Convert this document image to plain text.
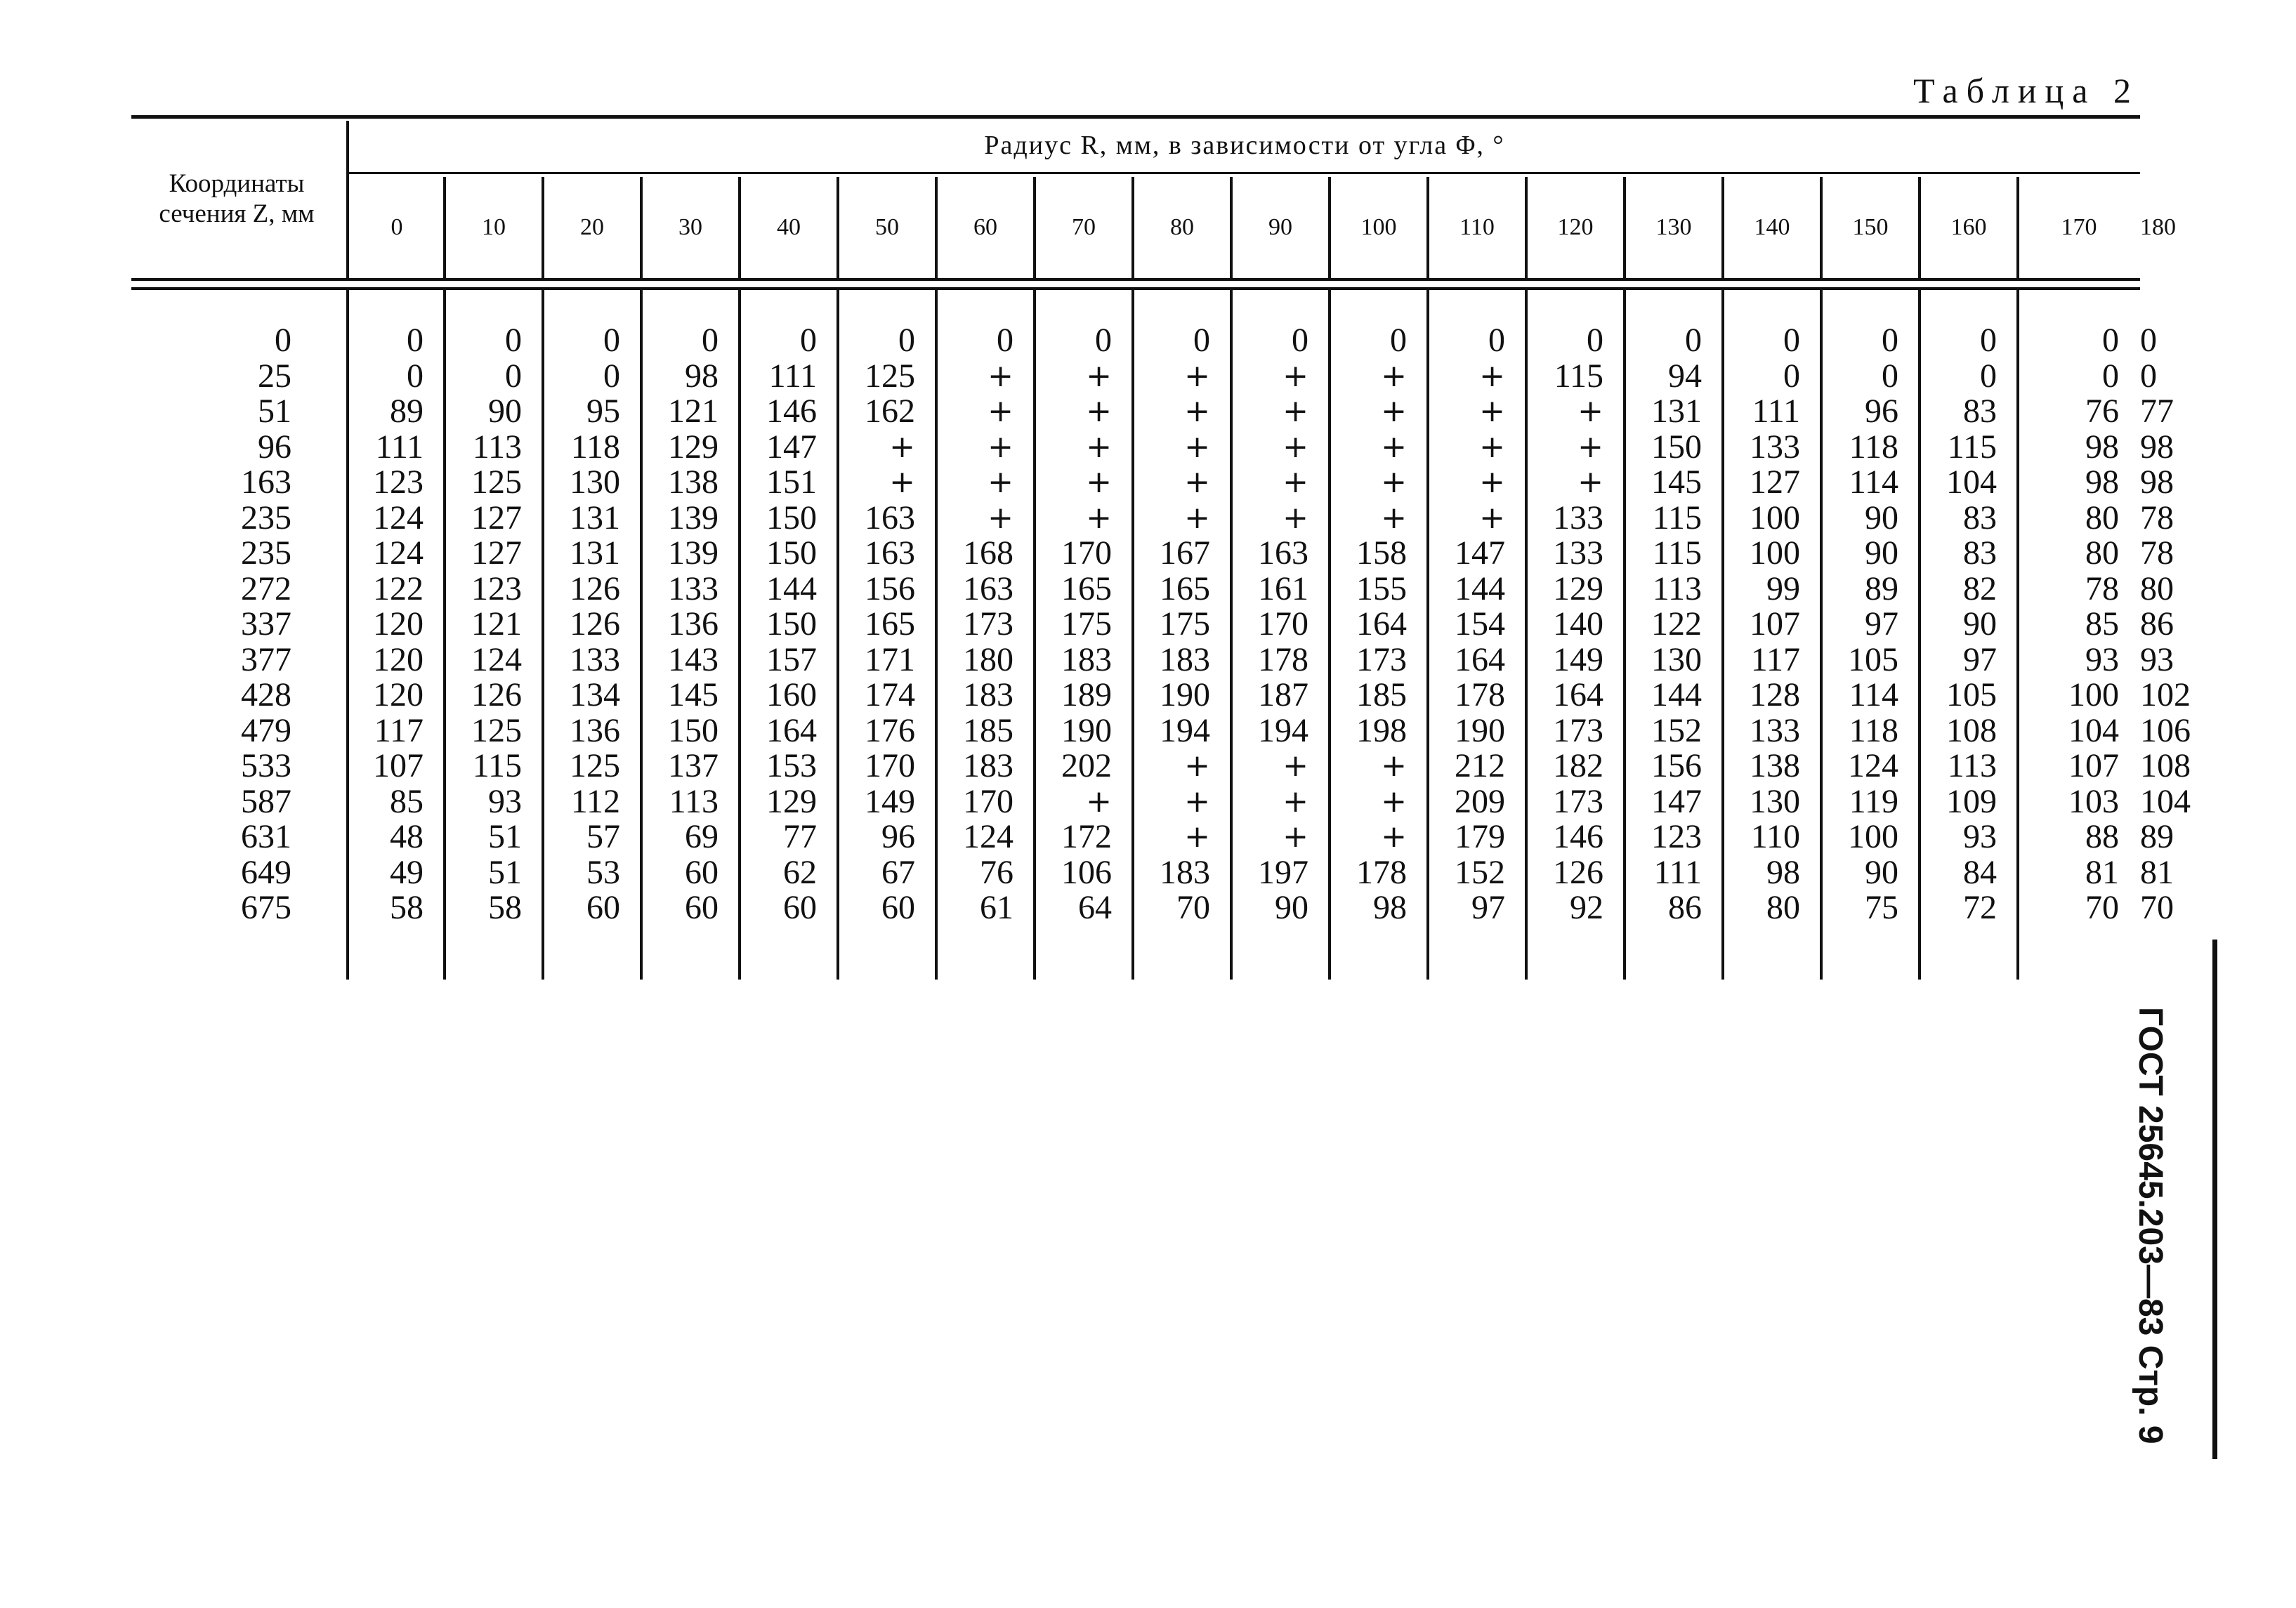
Таблица 2
Координаты сечения Z, мм
Радиус R, мм, в зависимости от угла Φ, °
0	10	20	30	40	50	60	70	80	90	100	110	120	130	140	150	160	170	180
0	0	0	0	0	0	0	0	0	0	0	0	0	0	0	0	0	0	0 0
25	0	0	0	98	111	125	+	+	+	+	+	+	115	94	0	0	0	0 0
51	89	90	95	121	146	162	+	+	+	+	+	+	+	131	111	96	83	76 77
96	111	113	118	129	147	+	+	+	+	+	+	+	+	150	133	118	115	98 98
163	123	125	130	138	151	+	+	+	+	+	+	+	+	145	127	114	104	98 98
235	124	127	131	139	150	163	+	+	+	+	+	+	133	115	100	90	83	80 78
235	124	127	131	139	150	163	168	170	167	163	158	147	133	115	100	90	83	80 78
272	122	123	126	133	144	156	163	165	165	161	155	144	129	113	99	89	82	78 80
337	120	121	126	136	150	165	173	175	175	170	164	154	140	122	107	97	90	85 86
377	120	124	133	143	157	171	180	183	183	178	173	164	149	130	117	105	97	93 93
428	120	126	134	145	160	174	183	189	190	187	185	178	164	144	128	114	105	100 102
479	117	125	136	150	164	176	185	190	194	194	198	190	173	152	133	118	108	104 106
533	107	115	125	137	153	170	183	202	+	+	+	212	182	156	138	124	113	107 108
587	85	93	112	113	129	149	170	+	+	+	+	209	173	147	130	119	109	103 104
631	48	51	57	69	77	96	124	172	+	+	+	179	146	123	110	100	93	88 89
649	49	51	53	60	62	67	76	106	183	197	178	152	126	111	98	90	84	81 81
675	58	58	60	60	60	60	61	64	70	90	98	97	92	86	80	75	72	70 70
ГОСТ 25645.203—83 Стр. 9
